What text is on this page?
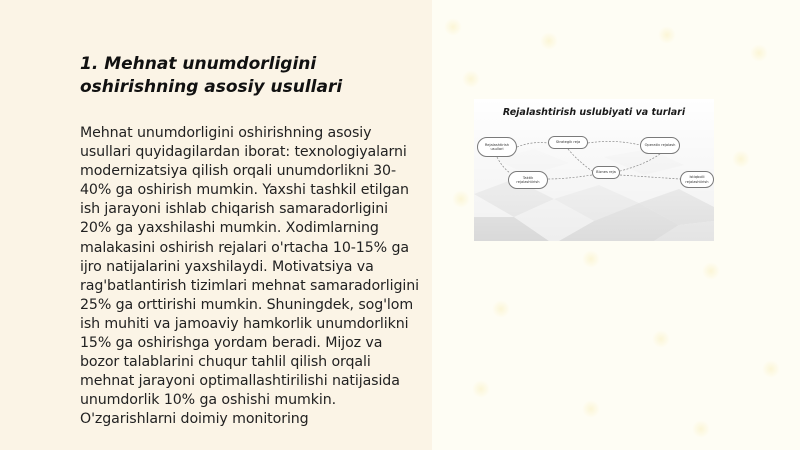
1. Mehnat unumdorligini oshirishning asosiy usullari

Mehnat unumdorligini oshirishning asosiy usullari quyidagilardan iborat: texnologiyalarni modernizatsiya qilish orqali unumdorlikni 30-40% ga oshirish mumkin. Yaxshi tashkil etilgan ish jarayoni ishlab chiqarish samaradorligini 20% ga yaxshilashi mumkin. Xodimlarning malakasini oshirish rejalari o'rtacha 10-15% ga ijro natijalarini yaxshilaydi. Motivatsiya va rag'batlantirish tizimlari mehnat samaradorligini 25% ga orttirishi mumkin. Shuningdek, sog'lom ish muhiti va jamoaviy hamkorlik unumdorlikni 15% ga oshirishga yordam beradi. Mijoz va bozor talablarini chuqur tahlil qilish orqali mehnat jarayoni optimallashtirilishi natijasida unumdorlik 10% ga oshishi mumkin. O'zgarishlarni doimiy monitoring

Rejalashtirish uslubiyati va turlari
Rejalashtirish usullari
Strategik reja
Operativ rejalash
Biznes reja
Taktik rejalashtirish
Istiqbolli rejalashtirish
